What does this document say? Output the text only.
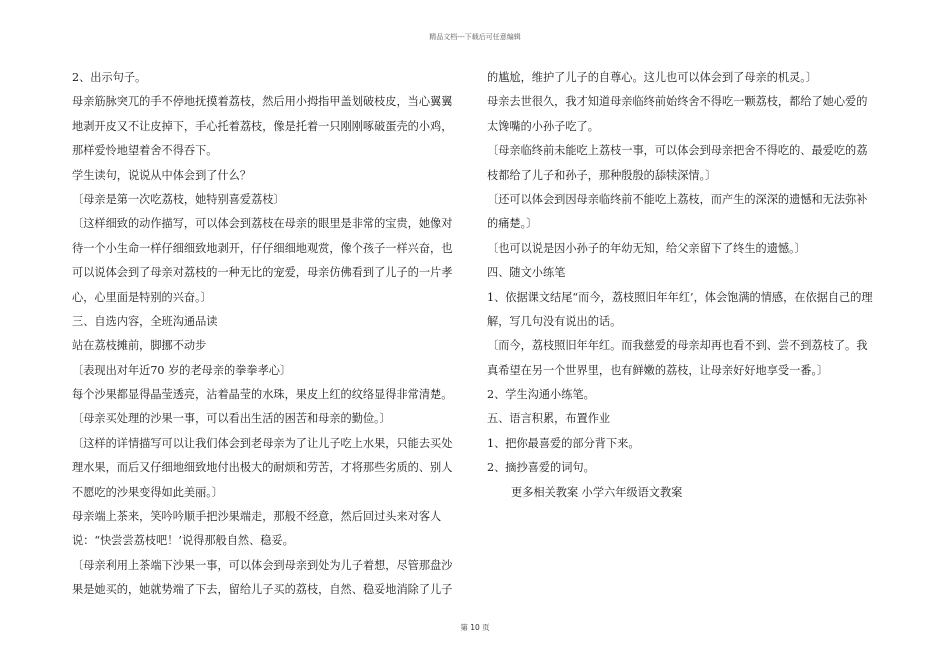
精品文档---下载后可任意编辑
2、出示句子。
母亲筋脉突兀的手不停地抚摸着荔枝，然后用小拇指甲盖划破枝皮，当心翼翼
地剥开皮又不让皮掉下，手心托着荔枝，像是托着一只刚刚啄破蛋壳的小鸡，
那样爱怜地望着舍不得吞下。
学生读句，说说从中体会到了什么？
〔母亲是第一次吃荔枝，她特别喜爱荔枝〕
〔这样细致的动作描写，可以体会到荔枝在母亲的眼里是非常的宝贵，她像对
待一个小生命一样仔细细致地剥开，仔仔细细地观赏，像个孩子一样兴奋，也
可以说体会到了母亲对荔枝的一种无比的宠爱，母亲仿佛看到了儿子的一片孝
心，心里面是特别的兴奋。〕
三、自选内容，全班沟通品读
站在荔枝摊前，脚挪不动步
〔表现出对年近70 岁的老母亲的拳拳孝心〕
每个沙果都显得晶莹透亮，沾着晶莹的水珠，果皮上红的纹络显得非常清楚。
〔母亲买处理的沙果一事，可以看出生活的困苦和母亲的勤俭。〕
〔这样的详情描写可以让我们体会到老母亲为了让儿子吃上水果，只能去买处
理水果，而后又仔细地细致地付出极大的耐烦和劳苦，才将那些劣质的、别人
不愿吃的沙果变得如此美丽。〕
母亲端上茶来，笑吟吟顺手把沙果端走，那般不经意，然后回过头来对客人
说：“快尝尝荔枝吧！’说得那般自然、稳妥。
〔母亲利用上茶端下沙果一事，可以体会到母亲到处为儿子着想，尽管那盘沙
果是她买的，她就势端了下去，留给儿子买的荔枝，自然、稳妥地消除了儿子
的尴尬，维护了儿子的自尊心。这儿也可以体会到了母亲的机灵。〕
母亲去世很久，我才知道母亲临终前始终舍不得吃一颗荔枝，都给了她心爱的
太馋嘴的小孙子吃了。
〔母亲临终前未能吃上荔枝一事，可以体会到母亲把舍不得吃的、最爱吃的荔
枝都给了儿子和孙子，那种殷殷的舔犊深情。〕
〔还可以体会到因母亲临终前不能吃上荔枝，而产生的深深的遗憾和无法弥补
的痛楚。〕
〔也可以说是因小孙子的年幼无知，给父亲留下了终生的遗憾。〕
四、随文小练笔
1、依据课文结尾“而今，荔枝照旧年年红’，体会饱满的情感，在依据自己的理
解，写几句没有说出的话。
〔而今，荔枝照旧年年红。而我慈爱的母亲却再也看不到、尝不到荔枝了。我
真希望在另一个世界里，也有鲜嫩的荔枝，让母亲好好地享受一番。〕
2、学生沟通小练笔。
五、语言积累，布置作业
1、把你最喜爱的部分背下来。
2、摘抄喜爱的词句。
更多相关教案 小学六年级语文教案
第 10 页
